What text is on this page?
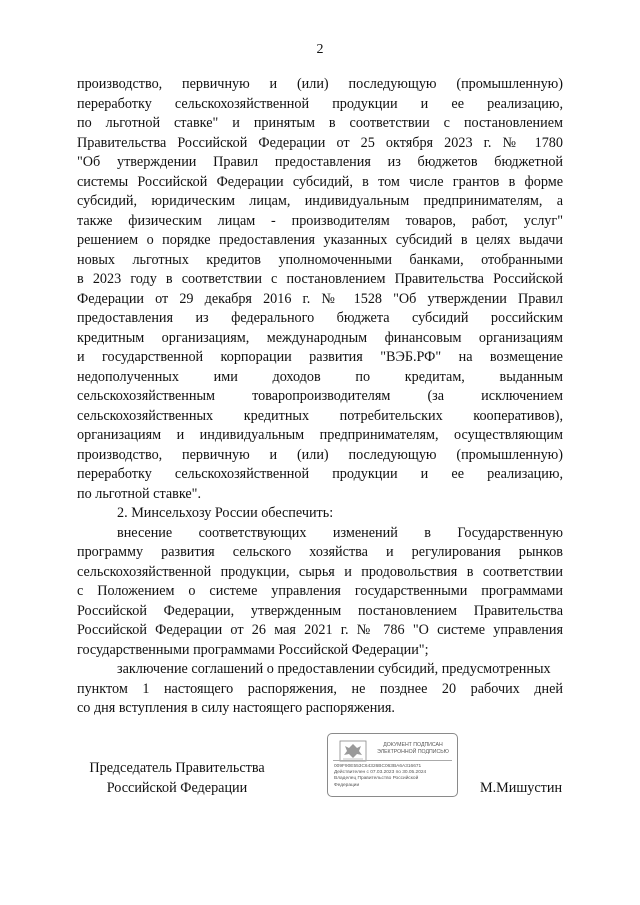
2
производство, первичную и (или) последующую (промышленную)
переработку сельскохозяйственной продукции и ее реализацию,
по льготной ставке" и принятым в соответствии с постановлением
Правительства Российской Федерации от 25 октября 2023 г. № 1780
"Об утверждении Правил предоставления из бюджетов бюджетной
системы Российской Федерации субсидий, в том числе грантов в форме
субсидий, юридическим лицам, индивидуальным предпринимателям, а
также физическим лицам - производителям товаров, работ, услуг"
решением о порядке предоставления указанных субсидий в целях выдачи
новых льготных кредитов уполномоченными банками, отобранными
в 2023 году в соответствии с постановлением Правительства Российской
Федерации от 29 декабря 2016 г. № 1528 "Об утверждении Правил
предоставления из федерального бюджета субсидий российским
кредитным организациям, международным финансовым организациям
и государственной корпорации развития "ВЭБ.РФ" на возмещение
недополученных ими доходов по кредитам, выданным
сельскохозяйственным товаропроизводителям (за исключением
сельскохозяйственных кредитных потребительских кооперативов),
организациям и индивидуальным предпринимателям, осуществляющим
производство, первичную и (или) последующую (промышленную)
переработку сельскохозяйственной продукции и ее реализацию,
по льготной ставке".
2. Минсельхозу России обеспечить:
внесение соответствующих изменений в Государственную
программу развития сельского хозяйства и регулирования рынков
сельскохозяйственной продукции, сырья и продовольствия в соответствии
с Положением о системе управления государственными программами
Российской Федерации, утвержденным постановлением Правительства
Российской Федерации от 26 мая 2021 г. № 786 "О системе управления
государственными программами Российской Федерации";
заключение соглашений о предоставлении субсидий, предусмотренных
пунктом 1 настоящего распоряжения, не позднее 20 рабочих дней
со дня вступления в силу настоящего распоряжения.
Председатель Правительства
Российской Федерации
ДОКУМЕНТ ПОДПИСАН
ЭЛЕКТРОННОЙ ПОДПИСЬЮ
009F90E553C64326BC063BA6A316671
Действителен с 07.03.2023 по 30.05.2024
Владелец Правительство Российской
Федерации	М.Мишустин
